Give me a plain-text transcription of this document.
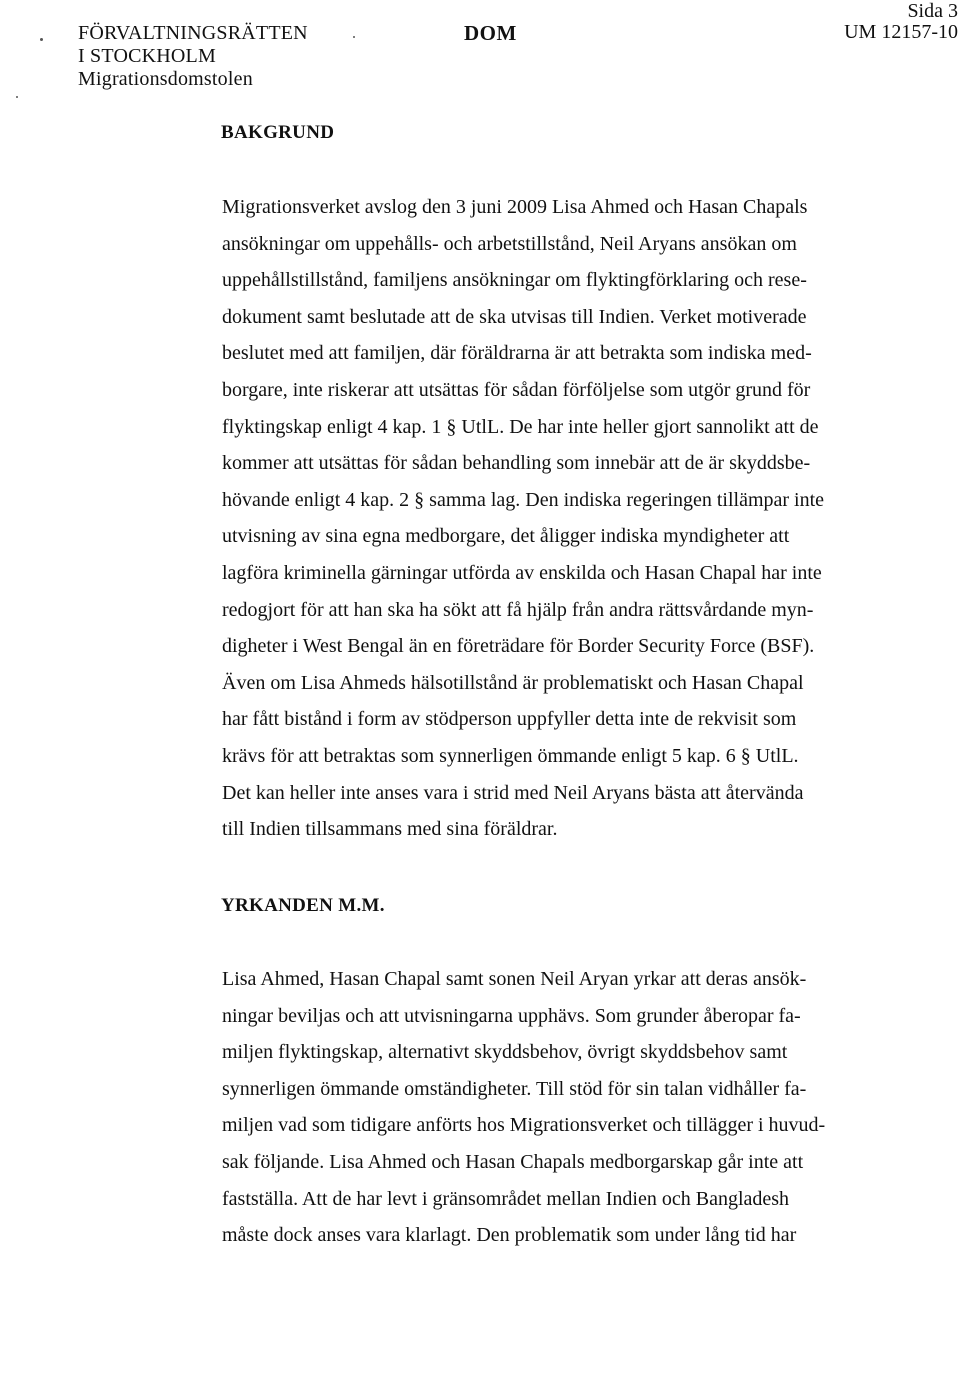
FÖRVALTNINGSRÄTTEN
I STOCKHOLM
Migrationsdomstolen
DOM
Sida 3
UM 12157-10
BAKGRUND
Migrationsverket avslog den 3 juni 2009 Lisa Ahmed och Hasan Chapals
ansökningar om uppehålls- och arbetstillstånd, Neil Aryans ansökan om
uppehållstillstånd, familjens ansökningar om flyktingförklaring och rese-
dokument samt beslutade att de ska utvisas till Indien. Verket motiverade
beslutet med att familjen, där föräldrarna är att betrakta som indiska med-
borgare, inte riskerar att utsättas för sådan förföljelse som utgör grund för
flyktingskap enligt 4 kap. 1 § UtlL. De har inte heller gjort sannolikt att de
kommer att utsättas för sådan behandling som innebär att de är skyddsbe-
hövande enligt 4 kap. 2 § samma lag. Den indiska regeringen tillämpar inte
utvisning av sina egna medborgare, det åligger indiska myndigheter att
lagföra kriminella gärningar utförda av enskilda och Hasan Chapal har inte
redogjort för att han ska ha sökt att få hjälp från andra rättsvårdande myn-
digheter i West Bengal än en företrädare för Border Security Force (BSF).
Även om Lisa Ahmeds hälsotillstånd är problematiskt och Hasan Chapal
har fått bistånd i form av stödperson uppfyller detta inte de rekvisit som
krävs för att betraktas som synnerligen ömmande enligt 5 kap. 6 § UtlL.
Det kan heller inte anses vara i strid med Neil Aryans bästa att återvända
till Indien tillsammans med sina föräldrar.
YRKANDEN M.M.
Lisa Ahmed, Hasan Chapal samt sonen Neil Aryan yrkar att deras ansök-
ningar beviljas och att utvisningarna upphävs. Som grunder åberopar fa-
miljen flyktingskap, alternativt skyddsbehov, övrigt skyddsbehov samt
synnerligen ömmande omständigheter. Till stöd för sin talan vidhåller fa-
miljen vad som tidigare anförts hos Migrationsverket och tillägger i huvud-
sak följande. Lisa Ahmed och Hasan Chapals medborgarskap går inte att
fastställa. Att de har levt i gränsområdet mellan Indien och Bangladesh
måste dock anses vara klarlagt. Den problematik som under lång tid har
